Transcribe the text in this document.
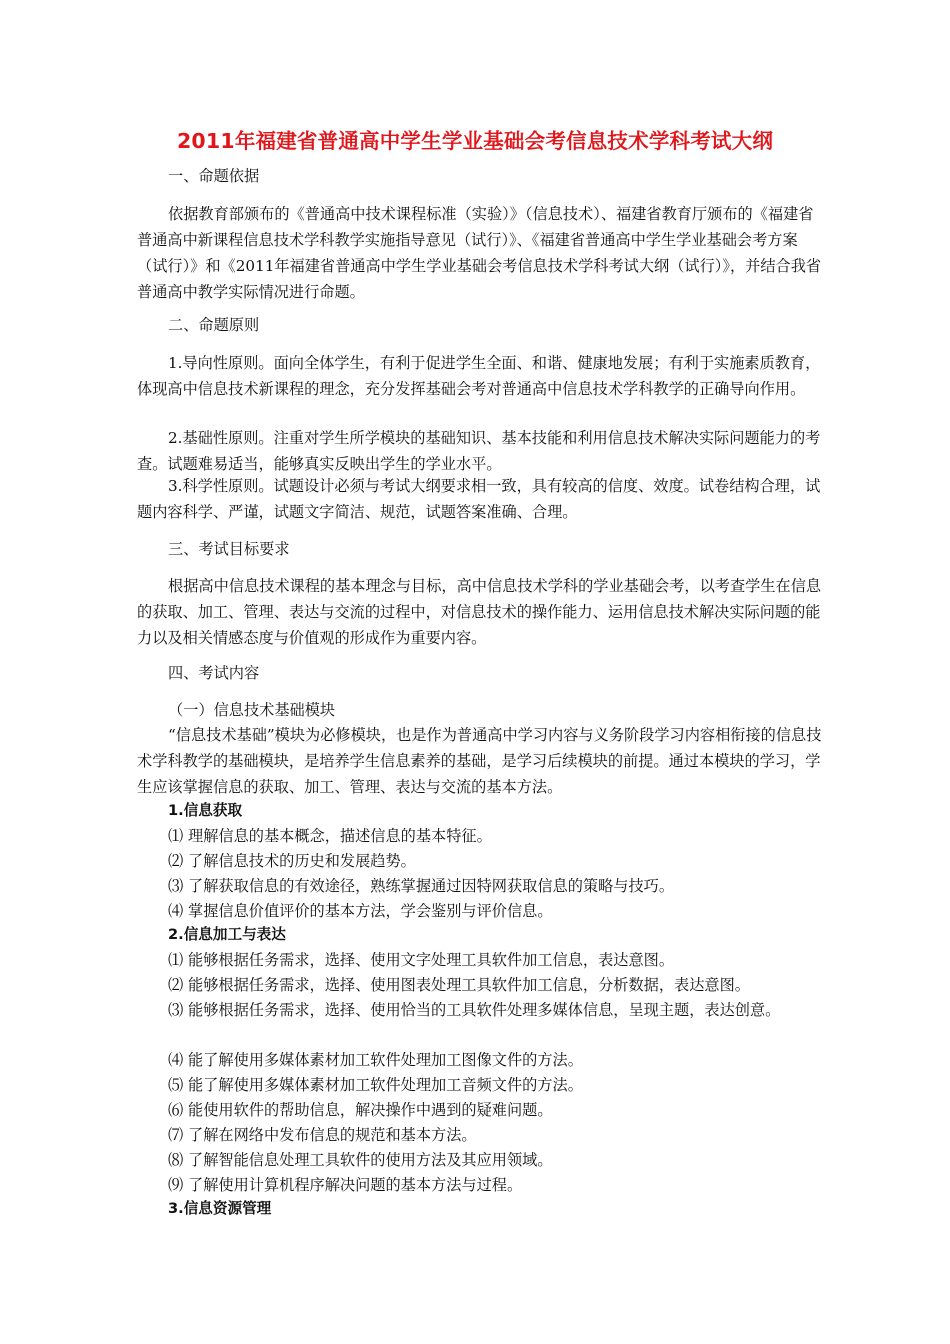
2011年福建省普通高中学生学业基础会考信息技术学科考试大纲

一、命题依据

依据教育部颁布的《普通高中技术课程标准（实验）》（信息技术）、福建省教育厅颁布的《福建省普通高中新课程信息技术学科教学实施指导意见（试行）》、《福建省普通高中学生学业基础会考方案（试行）》和《2011年福建省普通高中学生学业基础会考信息技术学科考试大纲（试行）》，并结合我省普通高中教学实际情况进行命题。

二、命题原则

1.导向性原则。面向全体学生，有利于促进学生全面、和谐、健康地发展；有利于实施素质教育，体现高中信息技术新课程的理念，充分发挥基础会考对普通高中信息技术学科教学的正确导向作用。

2.基础性原则。注重对学生所学模块的基础知识、基本技能和利用信息技术解决实际问题能力的考查。试题难易适当，能够真实反映出学生的学业水平。

3.科学性原则。试题设计必须与考试大纲要求相一致，具有较高的信度、效度。试卷结构合理，试题内容科学、严谨，试题文字简洁、规范，试题答案准确、合理。

三、考试目标要求

根据高中信息技术课程的基本理念与目标，高中信息技术学科的学业基础会考，以考查学生在信息的获取、加工、管理、表达与交流的过程中，对信息技术的操作能力、运用信息技术解决实际问题的能力以及相关情感态度与价值观的形成作为重要内容。

四、考试内容

（一）信息技术基础模块

“信息技术基础”模块为必修模块，也是作为普通高中学习内容与义务阶段学习内容相衔接的信息技术学科教学的基础模块，是培养学生信息素养的基础，是学习后续模块的前提。通过本模块的学习，学生应该掌握信息的获取、加工、管理、表达与交流的基本方法。

1.信息获取

⑴ 理解信息的基本概念，描述信息的基本特征。

⑵ 了解信息技术的历史和发展趋势。

⑶ 了解获取信息的有效途径，熟练掌握通过因特网获取信息的策略与技巧。

⑷ 掌握信息价值评价的基本方法，学会鉴别与评价信息。

2.信息加工与表达

⑴ 能够根据任务需求，选择、使用文字处理工具软件加工信息，表达意图。

⑵ 能够根据任务需求，选择、使用图表处理工具软件加工信息，分析数据，表达意图。

⑶ 能够根据任务需求，选择、使用恰当的工具软件处理多媒体信息，呈现主题，表达创意。

⑷ 能了解使用多媒体素材加工软件处理加工图像文件的方法。

⑸ 能了解使用多媒体素材加工软件处理加工音频文件的方法。

⑹ 能使用软件的帮助信息，解决操作中遇到的疑难问题。

⑺ 了解在网络中发布信息的规范和基本方法。

⑻ 了解智能信息处理工具软件的使用方法及其应用领域。

⑼ 了解使用计算机程序解决问题的基本方法与过程。

3.信息资源管理
